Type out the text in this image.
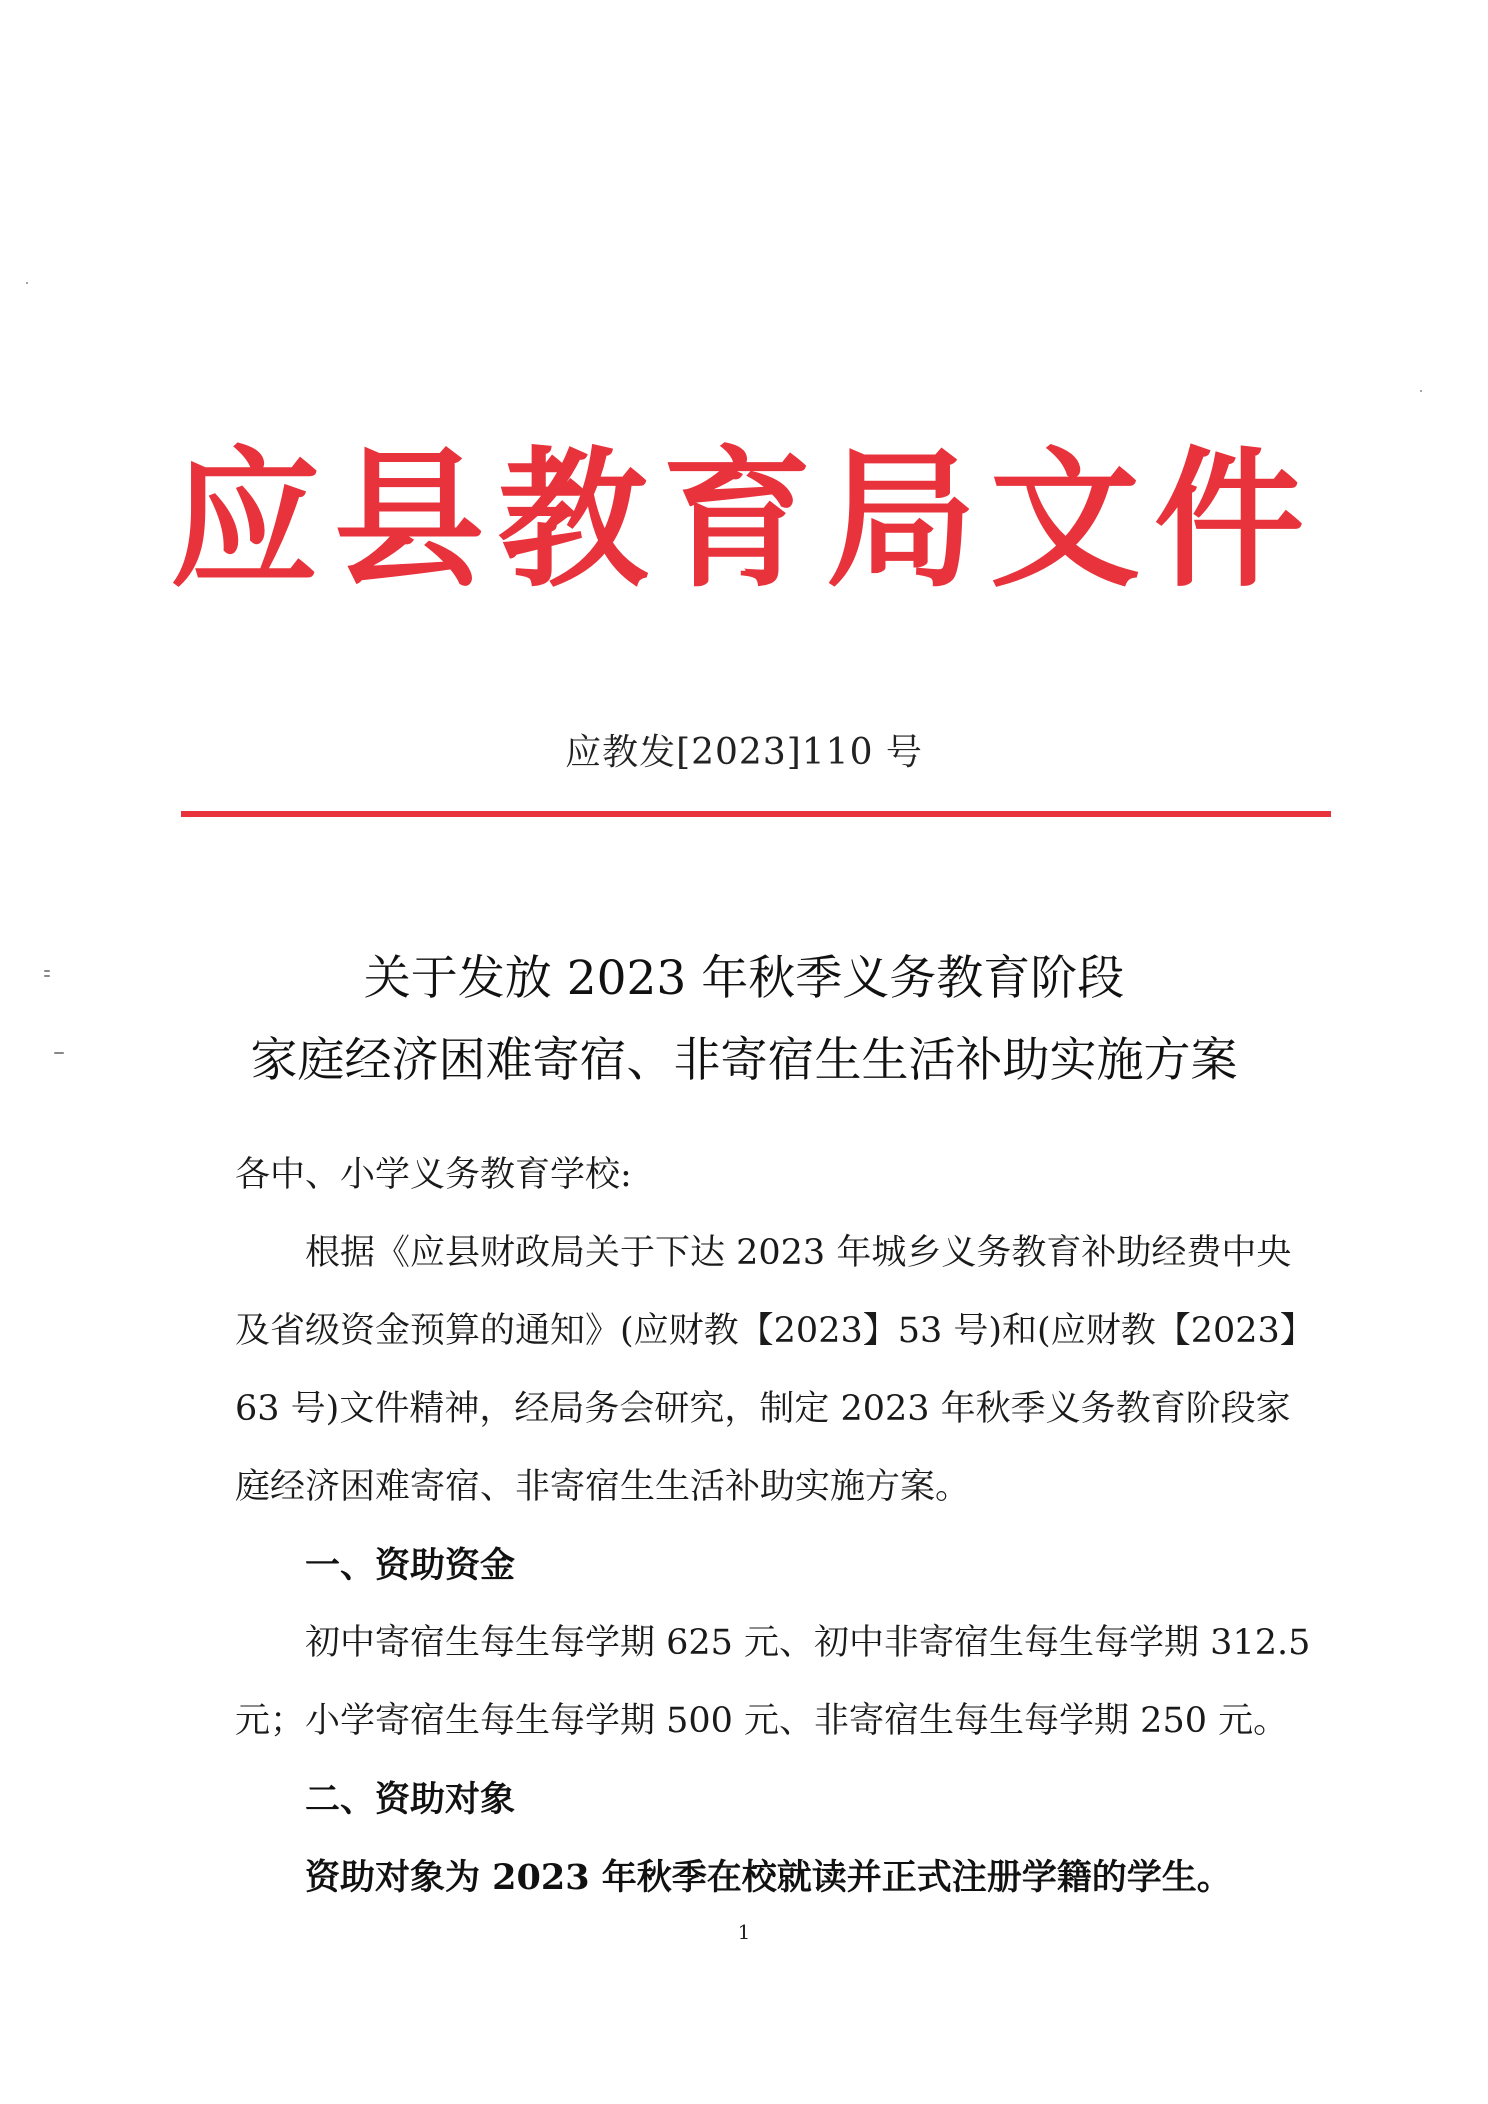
应县教育局文件
应教发[2023]110 号
关于发放 2023 年秋季义务教育阶段
家庭经济困难寄宿、非寄宿生生活补助实施方案
各中、小学义务教育学校:
根据《应县财政局关于下达 2023 年城乡义务教育补助经费中央
及省级资金预算的通知》(应财教【2023】53 号)和(应财教【2023】
63 号)文件精神，经局务会研究，制定 2023 年秋季义务教育阶段家
庭经济困难寄宿、非寄宿生生活补助实施方案。
一、资助资金
初中寄宿生每生每学期 625 元、初中非寄宿生每生每学期 312.5
元；小学寄宿生每生每学期 500 元、非寄宿生每生每学期 250 元。
二、资助对象
资助对象为 2023 年秋季在校就读并正式注册学籍的学生。
1
